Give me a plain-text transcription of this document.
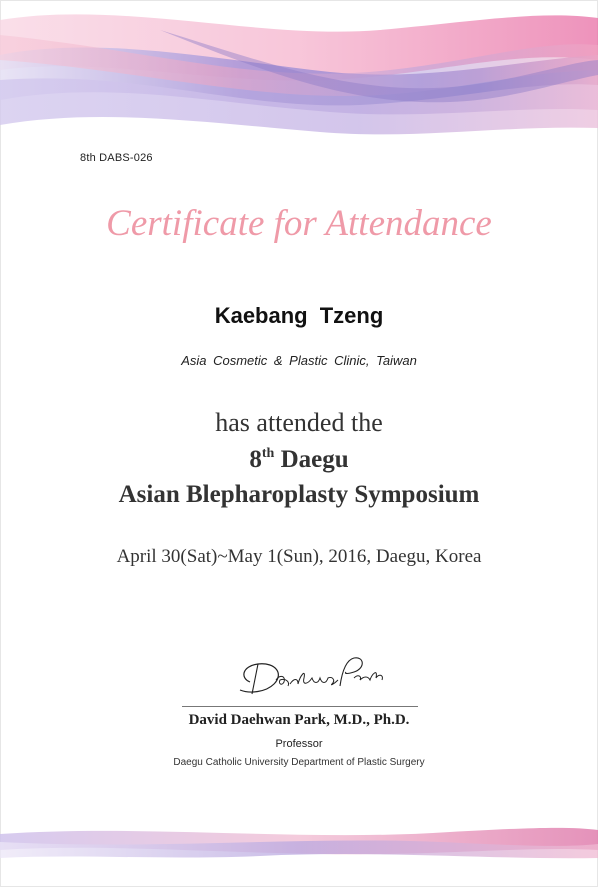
8th DABS-026
Certificate for Attendance
Kaebang Tzeng
Asia Cosmetic & Plastic Clinic, Taiwan
has attended the
8th Daegu
Asian Blepharoplasty Symposium
April 30(Sat)~May 1(Sun), 2016, Daegu, Korea
David Daehwan Park, M.D., Ph.D.
Professor
Daegu Catholic University Department of Plastic Surgery
